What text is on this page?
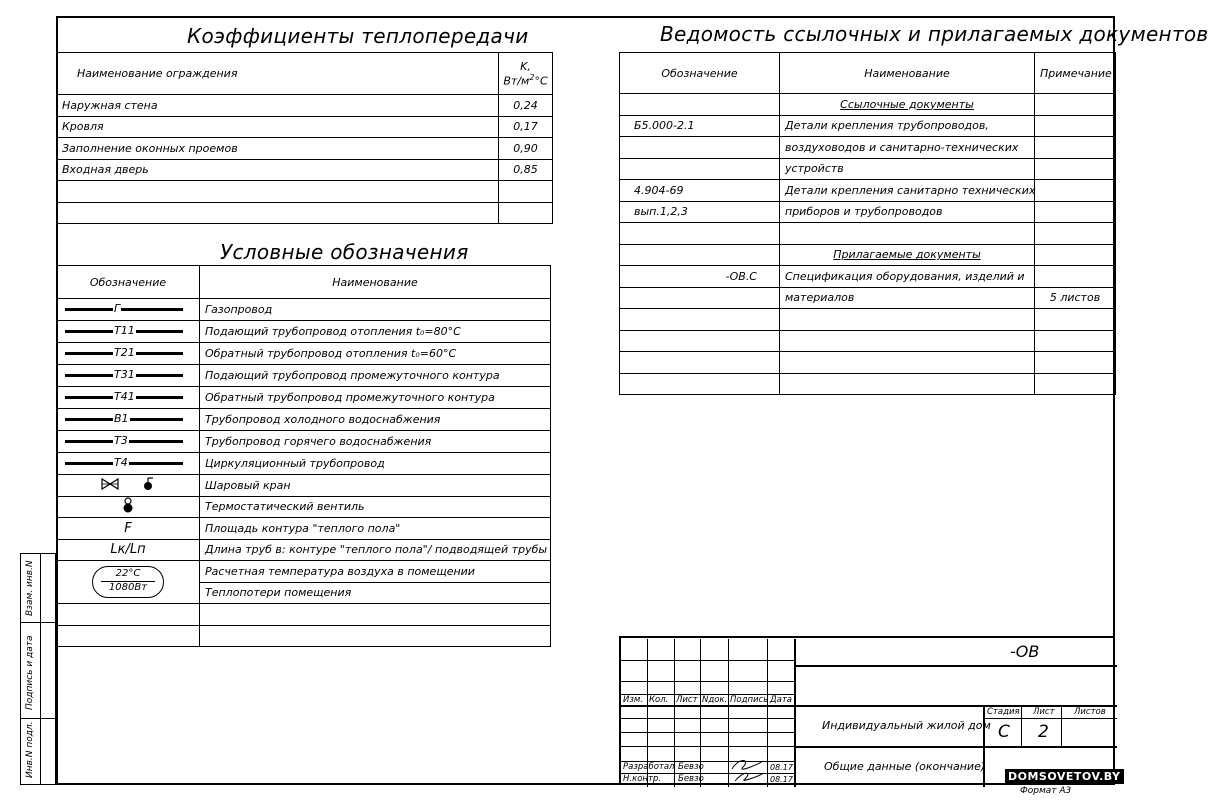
Коэффициенты теплопередачи
Наименование ограждения	K,
$Вт/м^2^\circ C$

Наружная стена	0,24
Кровля	0,17
Заполнение оконных проемов	0,90
Входная дверь	0,85

Условные обозначения
Обозначение	Наименование

Г	Газопровод

T11	Подающий трубопровод отопления t₀=80°C

T21	Обратный трубопровод отопления t₀=60°C

T31	Подающий трубопровод промежуточного контура

T41	Обратный трубопровод промежуточного контура

B1	Трубопровод холодного водоснабжения

T3	Трубопровод горячего водоснабжения

T4	Циркуляционный трубопровод
	Шаровый кран
	Термостатический вентиль
F	Площадь контура "теплого пола"
Lк/Lп	Длина труб в: контуре "теплого пола"/ подводящей трубы

22°C
1080Вт	Расчетная температура воздуха в помещении
	Теплопотери помещения

Ведомость ссылочных и прилагаемых документов
Обозначение	Наименование	Примечание
	Ссылочные документы	
Б5.000-2.1	Детали крепления трубопроводов,	
	воздуховодов и санитарно-технических	
	устройств	
4.904-69	Детали крепления санитарно технических	
вып.1,2,3	приборов и трубопроводов	

	Прилагаемые документы	
-ОВ.С	Спецификация оборудования, изделий и	
	материалов	5 листов

Изм. Кол. Лист Nдок. Подпись Дата
-ОВ
Индивидуальный жилой дом
Общие данные (окончание)
Стадия Лист Листов
С 2
Разработал Бевзо	08.17
Н.контр. Бевзо	08.17	DOMSOVETOV.BY
Взам. инв.N
Подпись и дата
Инв.N подл.
Формат А3
